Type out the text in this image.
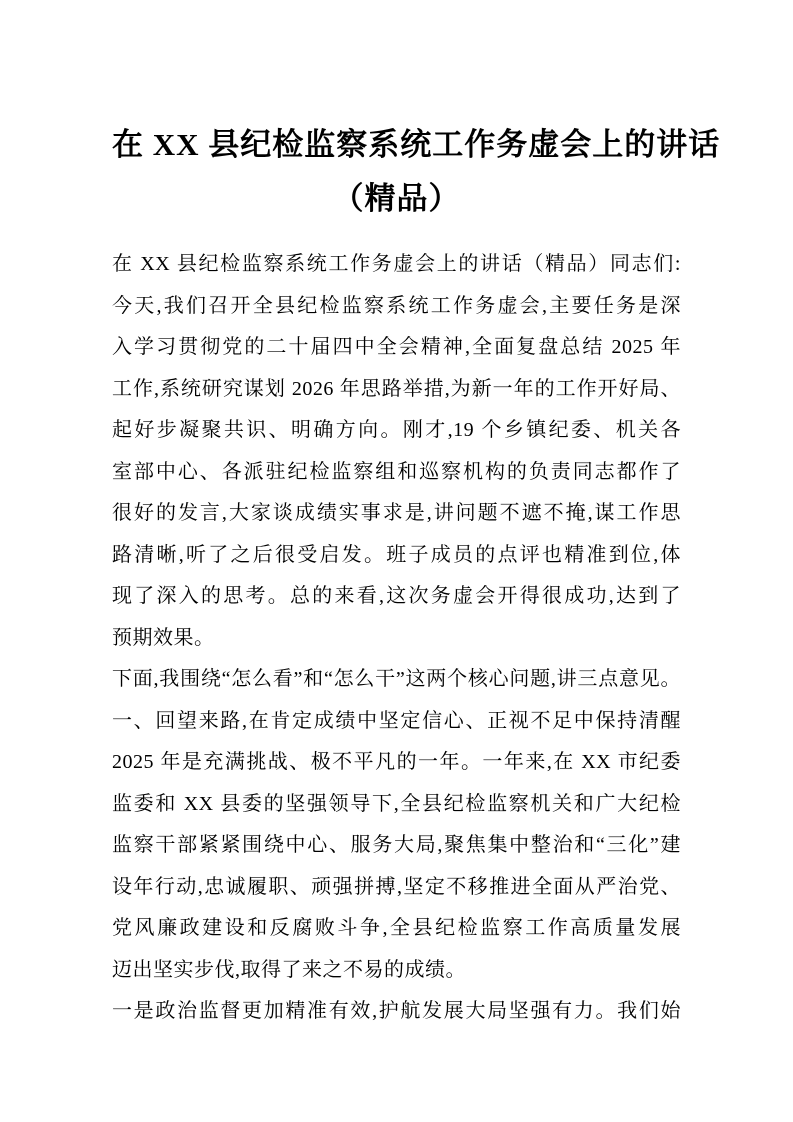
在 XX 县纪检监察系统工作务虚会上的讲话
（精品）
在 XX 县纪检监察系统工作务虚会上的讲话（精品）同志们:
今天,我们召开全县纪检监察系统工作务虚会,主要任务是深
入学习贯彻党的二十届四中全会精神,全面复盘总结 2025 年
工作,系统研究谋划 2026 年思路举措,为新一年的工作开好局、
起好步凝聚共识、明确方向。刚才,19 个乡镇纪委、机关各
室部中心、各派驻纪检监察组和巡察机构的负责同志都作了
很好的发言,大家谈成绩实事求是,讲问题不遮不掩,谋工作思
路清晰,听了之后很受启发。班子成员的点评也精准到位,体
现了深入的思考。总的来看,这次务虚会开得很成功,达到了
预期效果。
下面,我围绕“怎么看”和“怎么干”这两个核心问题,讲三点意见。
一、回望来路,在肯定成绩中坚定信心、正视不足中保持清醒
2025 年是充满挑战、极不平凡的一年。一年来,在 XX 市纪委
监委和 XX 县委的坚强领导下,全县纪检监察机关和广大纪检
监察干部紧紧围绕中心、服务大局,聚焦集中整治和“三化”建
设年行动,忠诚履职、顽强拼搏,坚定不移推进全面从严治党、
党风廉政建设和反腐败斗争,全县纪检监察工作高质量发展
迈出坚实步伐,取得了来之不易的成绩。
一是政治监督更加精准有效,护航发展大局坚强有力。我们始
